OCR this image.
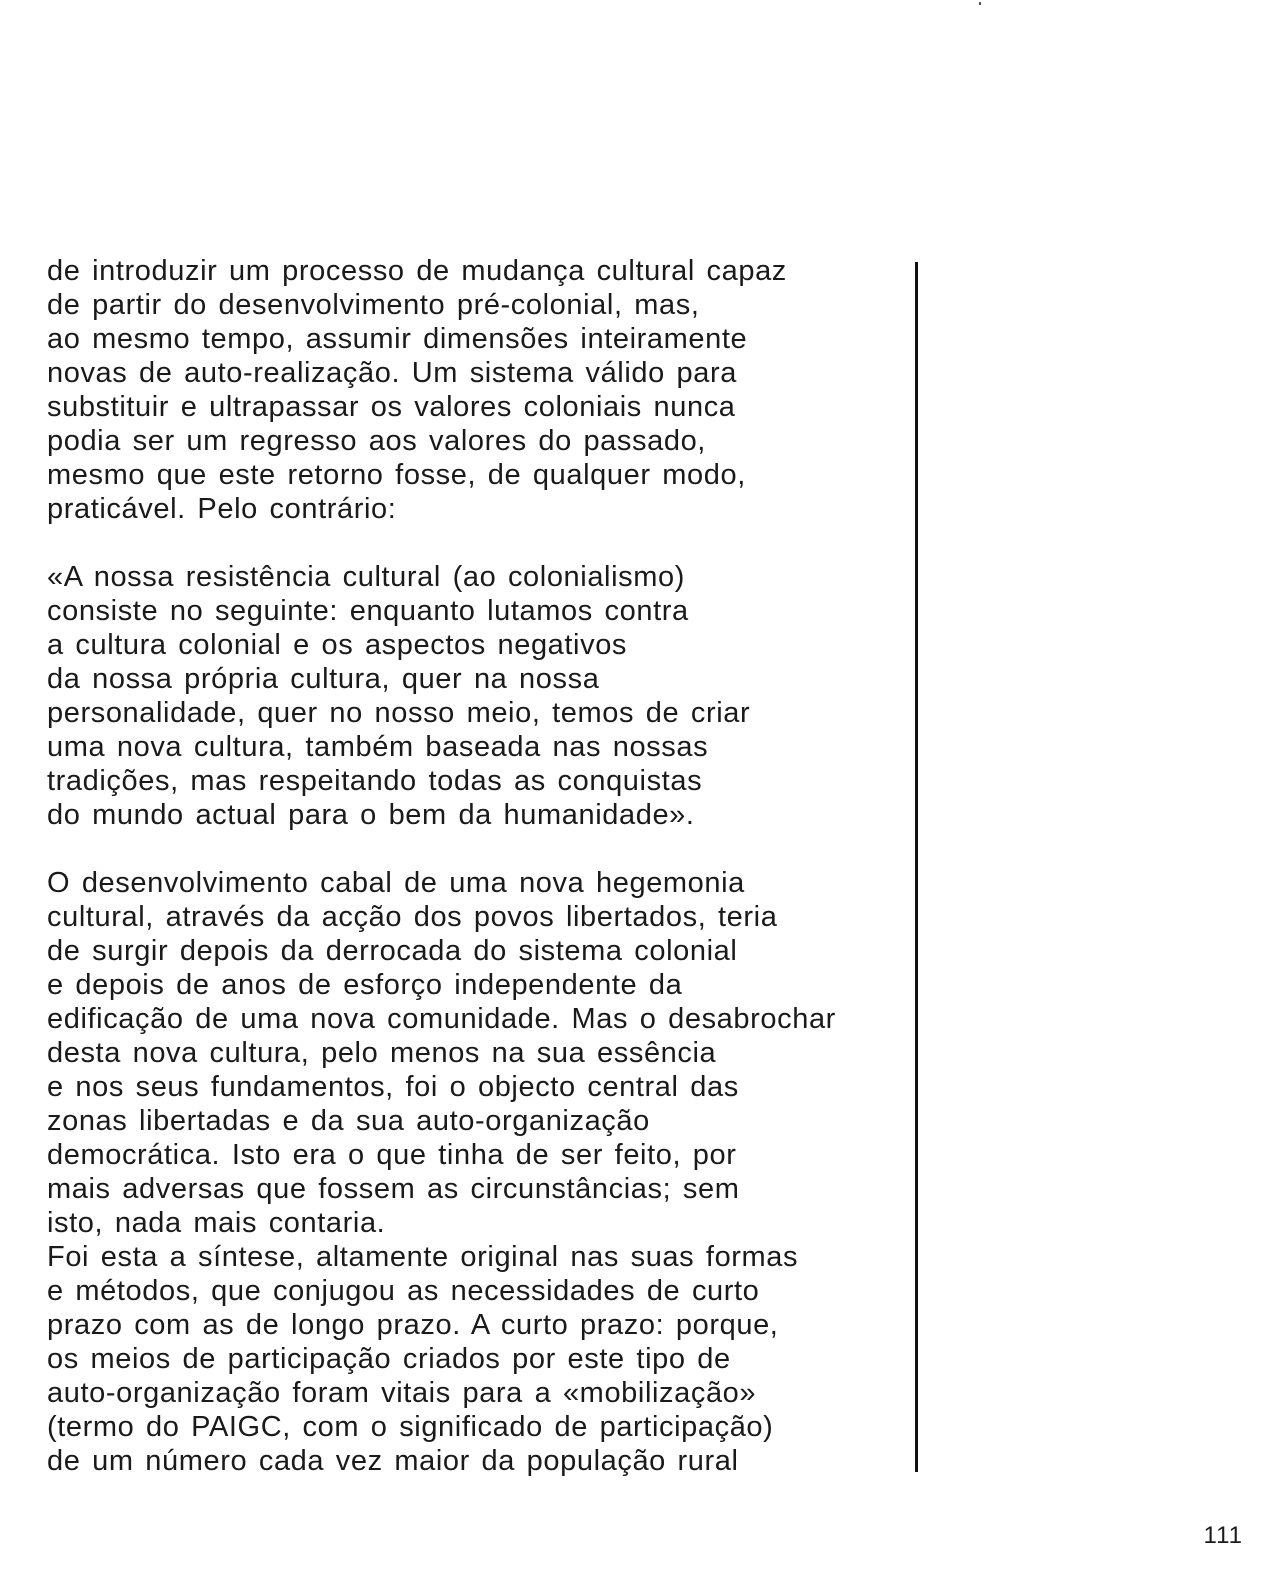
de introduzir um processo de mudança cultural capaz
de partir do desenvolvimento pré-colonial, mas,
ao mesmo tempo, assumir dimensões inteiramente
novas de auto-realização. Um sistema válido para
substituir e ultrapassar os valores coloniais nunca
podia ser um regresso aos valores do passado,
mesmo que este retorno fosse, de qualquer modo,
praticável. Pelo contrário:

«A nossa resistência cultural (ao colonialismo)
consiste no seguinte: enquanto lutamos contra
a cultura colonial e os aspectos negativos
da nossa própria cultura, quer na nossa
personalidade, quer no nosso meio, temos de criar
uma nova cultura, também baseada nas nossas
tradições, mas respeitando todas as conquistas
do mundo actual para o bem da humanidade».

O desenvolvimento cabal de uma nova hegemonia
cultural, através da acção dos povos libertados, teria
de surgir depois da derrocada do sistema colonial
e depois de anos de esforço independente da
edificação de uma nova comunidade. Mas o desabrochar
desta nova cultura, pelo menos na sua essência
e nos seus fundamentos, foi o objecto central das
zonas libertadas e da sua auto-organização
democrática. Isto era o que tinha de ser feito, por
mais adversas que fossem as circunstâncias; sem
isto, nada mais contaria.

Foi esta a síntese, altamente original nas suas formas
e métodos, que conjugou as necessidades de curto
prazo com as de longo prazo. A curto prazo: porque,
os meios de participação criados por este tipo de
auto-organização foram vitais para a «mobilização»
(termo do PAIGC, com o significado de participação)
de um número cada vez maior da população rural

111
